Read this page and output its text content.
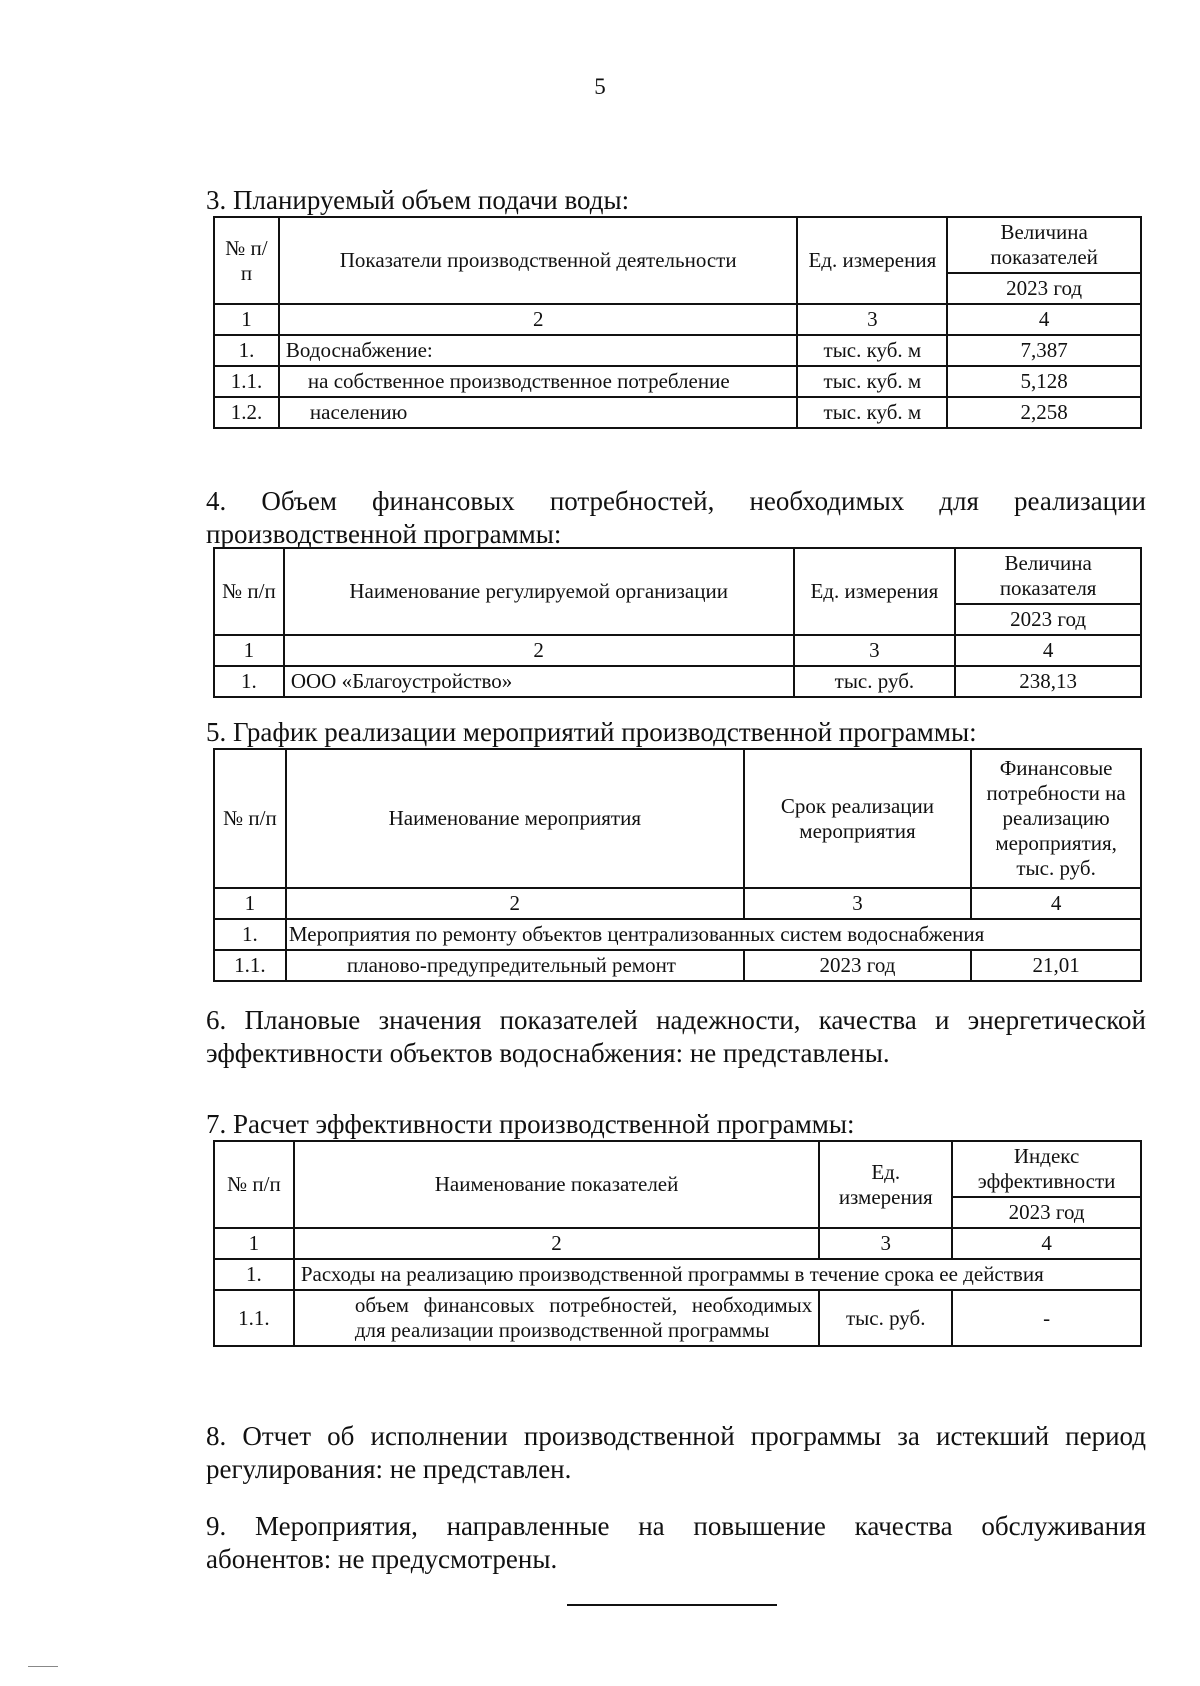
5

3. Планируемый объем подачи воды:

№ п/п	Показатели производственной деятельности	Ед. измерения	Величина показателей
			2023 год
1	2	3	4
1.	Водоснабжение:	тыс. куб. м	7,387
1.1.	на собственное производственное потребление	тыс. куб. м	5,128
1.2.	населению	тыс. куб. м	2,258

4. Объем финансовых потребностей, необходимых для реализации производственной программы:

№ п/п	Наименование регулируемой организации	Ед. измерения	Величина показателя
			2023 год
1	2	3	4
1.	ООО «Благоустройство»	тыс. руб.	238,13

5. График реализации мероприятий производственной программы:

№ п/п	Наименование мероприятия	Срок реализации мероприятия	Финансовые потребности на реализацию мероприятия, тыс. руб.
1	2	3	4
1.	Мероприятия по ремонту объектов централизованных систем водоснабжения		
1.1.	планово-предупредительный ремонт	2023 год	21,01

6. Плановые значения показателей надежности, качества и энергетической эффективности объектов водоснабжения: не представлены.

7. Расчет эффективности производственной программы:

№ п/п	Наименование показателей	Ед. измерения	Индекс эффективности
			2023 год
1	2	3	4
1.	Расходы на реализацию производственной программы в течение срока ее действия		
1.1.	объем финансовых потребностей, необходимых для реализации производственной программы	тыс. руб.	-

8. Отчет об исполнении производственной программы за истекший период регулирования: не представлен.

9. Мероприятия, направленные на повышение качества обслуживания абонентов: не предусмотрены.
